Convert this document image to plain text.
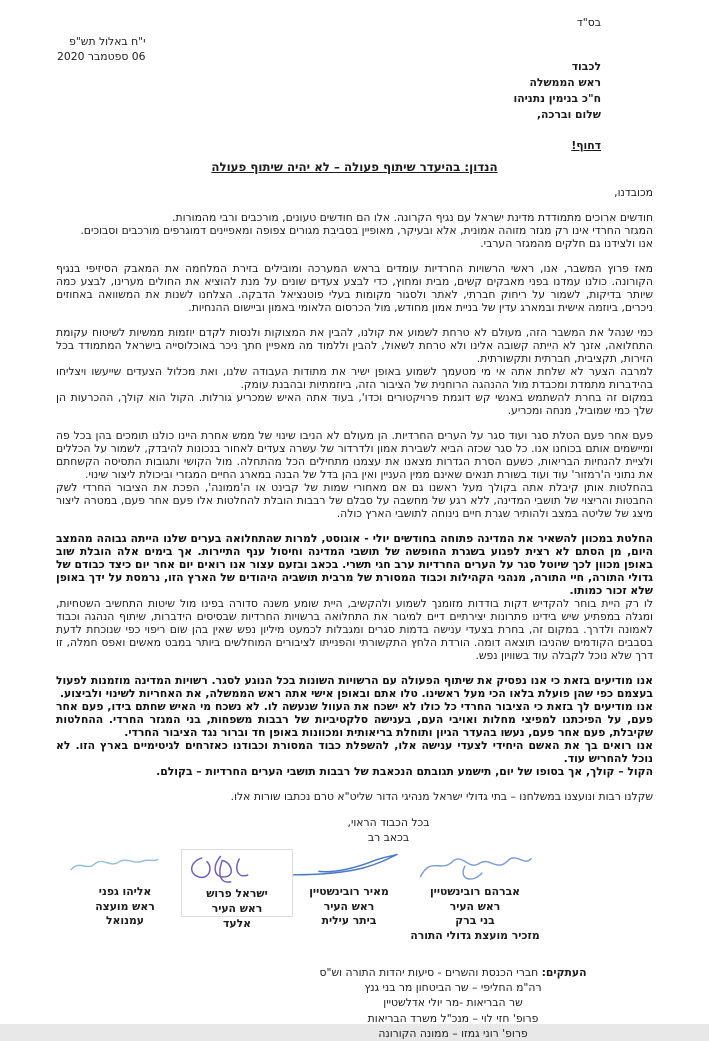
בס"ד
י"ח באלול תש"פ
06 ספטמבר 2020
לכבוד
ראש הממשלה
ח"כ בנימין נתניהו
שלום וברכה,
דחוף!
הנדון: בהיעדר שיתוף פעולה – לא יהיה שיתוף פעולה
מכובדנו,

חודשים ארוכים מתמודדת מדינת ישראל עם נגיף הקרונה. אלו הם חודשים טעונים, מורכבים ורבי מהמורות.

המגזר החרדי אינו רק מגזר מזוהה אמונית, אלא ובעיקר, מאופיין בסביבת מגורים צפופה ומאפיינים דמוגרפים מורכבים וסבוכים.

אנו ולצידנו גם חלקים מהמגזר הערבי.

מאז פרוץ המשבר, אנו, ראשי הרשויות החרדיות עומדים בראש המערכה ומובילים בזירת המלחמה את המאבק הסיזיפי בנגיף הקורונה. כולנו עמדנו בפני מאבקים קשים, מבית ומחוץ, כדי לבצע צעדים שונים על מנת להוציא את החולים מערינו, לבצע כמה שיותר בדיקות, לשמור על ריחוק חברתי, לאתר ולסגור מקומות בעלי פוטנציאל הדבקה. הצלחנו לשנות את המשוואה באחוזים ניכרים, ביוזמה אישית ובמארג עדין של בניית אמון מחודש, מול הכרסום הלאומי באמון וביישום ההנחיות.

כמי שנהל את המשבר הזה, מעולם לא טרחת לשמוע את קולנו, להבין את המצוקות ולנסות לקדם יוזמות ממשיות לשיטוח עקומת התחלואה, אזנך לא הייתה קשובה אלינו ולא טרחת לשאול, להבין וללמוד מה מאפיין חתך ניכר באוכלוסייה בישראל המתמודד בכל הזירות, תקציבית, חברתית ותקשורתית.

למרבה הצער לא שלחת אתה אי מי מטעמך לשמוע באופן ישיר את מתודות העבודה שלנו, ואת מכלול הצעדים שייעשו ויצליחו בהידברות מתמדת ומכבדת מול ההנהגה הרוחנית של הציבור הזה, ביוזמתיות ובהבנת עומק.

במקום זה בחרת להשתמש באנשי קש דוגמת פרויקטורים וכדו', בעוד אתה האיש שמכריע גורלות. הקול הוא קולך, ההכרעות הן שלך כמי שמוביל, מנחה ומכריע.

פעם אחר פעם הטלת סגר ועוד סגר על הערים החרדיות. הן מעולם לא הניבו שינוי של ממש אחרת היינו כולנו תומכים בהן בכל פה ומיישמים אותם בכוחנו אנו. כל סגר שכזה הביא לשבירת אמון ולדרדור של עשרה צעדים לאחור בנכונות להיבדק, לשמור על הכללים ולציית להנחיות הבריאות, כשעם הסרת הגדרות מצאנו את עצמנו מתחילים הכל מהתחלה. מול הקושי ותגובות התסיסה הקשחתם את נתוני ה'רמזור' עוד ועוד בשורת תנאים שאינם ממין העניין ואין בהן בדל של הבנה במארג החיים המגזרי וביכולת ליצור שינוי.

בהחלטות אותן קיבלת אתה בקולך מעל ראשנו גם אם מאחורי שמות של קבינט או ה'ממונה', הפכת את הציבור החרדי לשק החבטות והריצוי של תושבי המדינה, ללא רגע של מחשבה על סבלם של רבבות הובלת להחלטות אלו פעם אחר פעם, במטרה ליצור מיצג של שליטה במצב ולהותיר שגרת חיים נינוחה לתושבי הארץ כולה.

החלטת במכוון להשאיר את המדינה פתוחה בחודשים יולי - אוגוסט, למרות שהתחלואה בערים שלנו הייתה גבוהה מהמצב היום, מן הסתם לא רצית לפגוע בשגרת החופשה של תושבי המדינה וחיסול ענף התיירות. אך בימים אלה הובלת שוב באופן מכוון לכך שיוטל סגר על הערים החרדיות ערב חגי תשרי. בכאב ובזעם עצור אנו רואים יום אחר יום כיצד כבודם של גדולי התורה, חיי התורה, מנהגי הקהילות וכבוד המסורת של מרבית תושביה היהודים של הארץ הזו, נרמסת על ידך באופן שלא זכור כמותו.

לו רק היית בוחר להקדיש דקות בודדות מזומנך לשמוע ולהקשיב, היית שומע משנה סדורה בפינו מול שיטות התחשיב השטחיות, ומגלה במפתיע שיש בידינו פתרונות יצירתיים דיים למיגור את התחלואה ברשויות החרדיות שבסיסים הידברות, שיתוף הנהגה וכבוד לאמונה ולדרך. במקום זה, בחרת בצעדי ענישה בדמות סגרים ומגבלות לכמעט מיליון נפש שאין בהן שום ריפוי כפי שנוכחת לדעת בסבבים הקודמים שהניבו תוצאה דומה. הורדת הלחץ התקשורתי והפנייתו לציבורים המוחלשים ביותר במבט מאשים ואפס חמלה, זו דרך שלא נוכל לקבלה עוד בשוויון נפש.

אנו מודיעים בזאת כי אנו נפסיק את שיתוף הפעולה עם הרשויות השונות בכל הנוגע לסגר. רשויות המדינה מוזמנות לפעול בעצמם כפי שהן פועלת בלאו הכי מעל ראשינו. טלו אתם ובאופן אישי אתה ראש הממשלה, את האחריות לשינוי ולביצוע.

אנו מודיעים לך בזאת כי הציבור החרדי כל כולו לא ישכח את העוול שנעשה לו. לא נשכח מי האיש שחתם בידו, פעם אחר פעם, על הפיכתנו למפיצי מחלות ואויבי העם, בענישה סלקטיביות של רבבות משפחות, בני המגזר החרדי. ההחלטות שקיבלת, פעם אחר פעם, נעשו בהעדר הגיון ותוחלת בריאותית ומכוונות באופן חד וברור נגד הציבור החרדי.

אנו רואים בך את האשם היחידי לצעדי ענישה אלו, להשפלת כבוד המסורת וכבודנו כאזרחים לגיטימיים בארץ הזו. לא נוכל להחריש עוד.

הקול – קולך, אך בסופו של יום, תישמע תגובתם הנכאבת של רבבות תושבי הערים החרדיות – בקולם.

שקלנו רבות ונועצנו במשלחנו – בתי גדולי ישראל מנהיגי הדור שליט"א טרם נכתבו שורות אלו.

בכל הכבוד הראוי,
בכאב רב
אברהם רובינשטיין
ראש העיר
בני ברק
מזכיר מועצת גדולי התורה
מאיר רובינשטיין
ראש העיר
ביתר עילית
ישראל פרוש
ראש העיר
אלעד
אליהו גפני
ראש מועצה
עמנואל
העתקים: חברי הכנסת והשרים - סיעות יהדות התורה וש"ס
רה"מ החליפי – שר הביטחון מר בני גנץ
שר הבריאות -מר יולי אדלשטיין
פרופ' חזי לוי – מנכ"ל משרד הבריאות
פרופ' רוני גמזו – ממונה הקורונה
